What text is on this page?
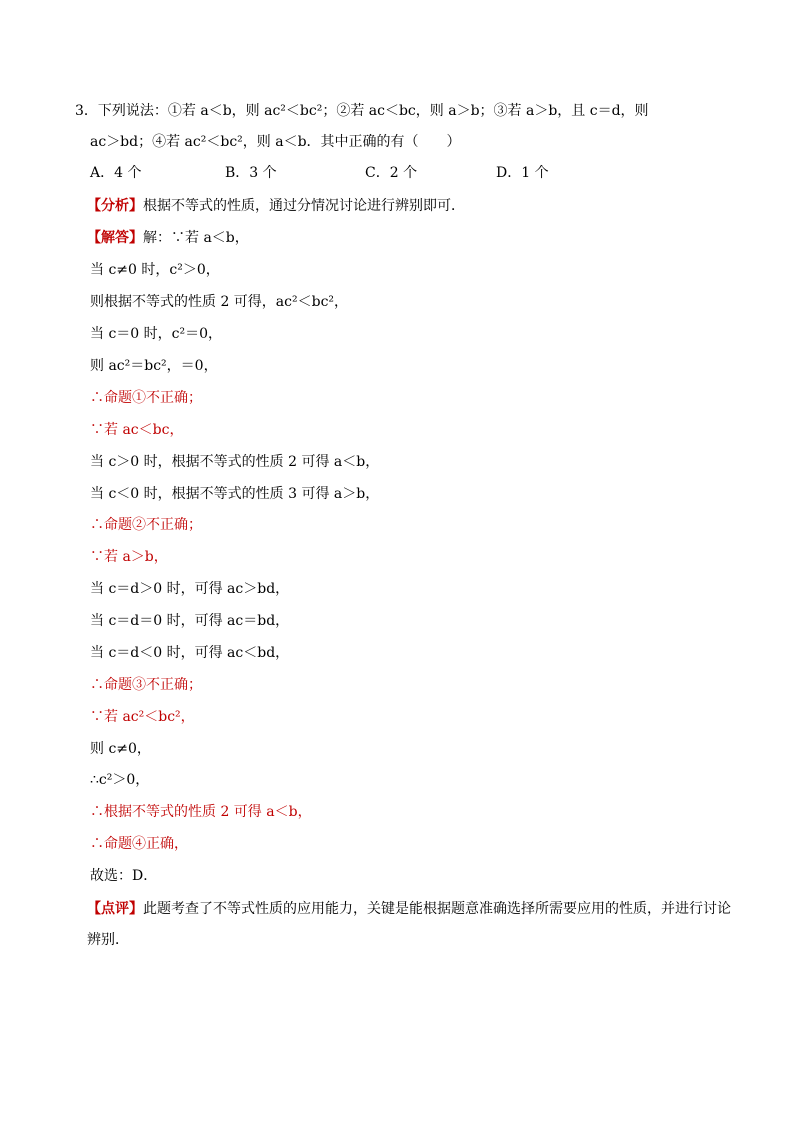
3．下列说法：①若 a＜b，则 ac²＜bc²；②若 ac＜bc，则 a＞b；③若 a＞b，且 c＝d，则
ac＞bd；④若 ac²＜bc²，则 a＜b．其中正确的有（　　）
A．4 个	B．3 个	C．2 个	D．1 个
【分析】根据不等式的性质，通过分情况讨论进行辨别即可．
【解答】解：∵若 a＜b，
当 c≠0 时，c²＞0，
则根据不等式的性质 2 可得，ac²＜bc²，
当 c＝0 时，c²＝0，
则 ac²＝bc²，＝0，
∴命题①不正确；
∵若 ac＜bc，
当 c＞0 时，根据不等式的性质 2 可得 a＜b，
当 c＜0 时，根据不等式的性质 3 可得 a＞b，
∴命题②不正确；
∵若 a＞b，
当 c＝d＞0 时，可得 ac＞bd，
当 c＝d＝0 时，可得 ac＝bd，
当 c＝d＜0 时，可得 ac＜bd，
∴命题③不正确；
∵若 ac²＜bc²，
则 c≠0，
∴c²＞0，
∴根据不等式的性质 2 可得 a＜b，
∴命题④正确，
故选：D．
【点评】此题考查了不等式性质的应用能力，关键是能根据题意准确选择所需要应用的性质，并进行讨论辨别．
